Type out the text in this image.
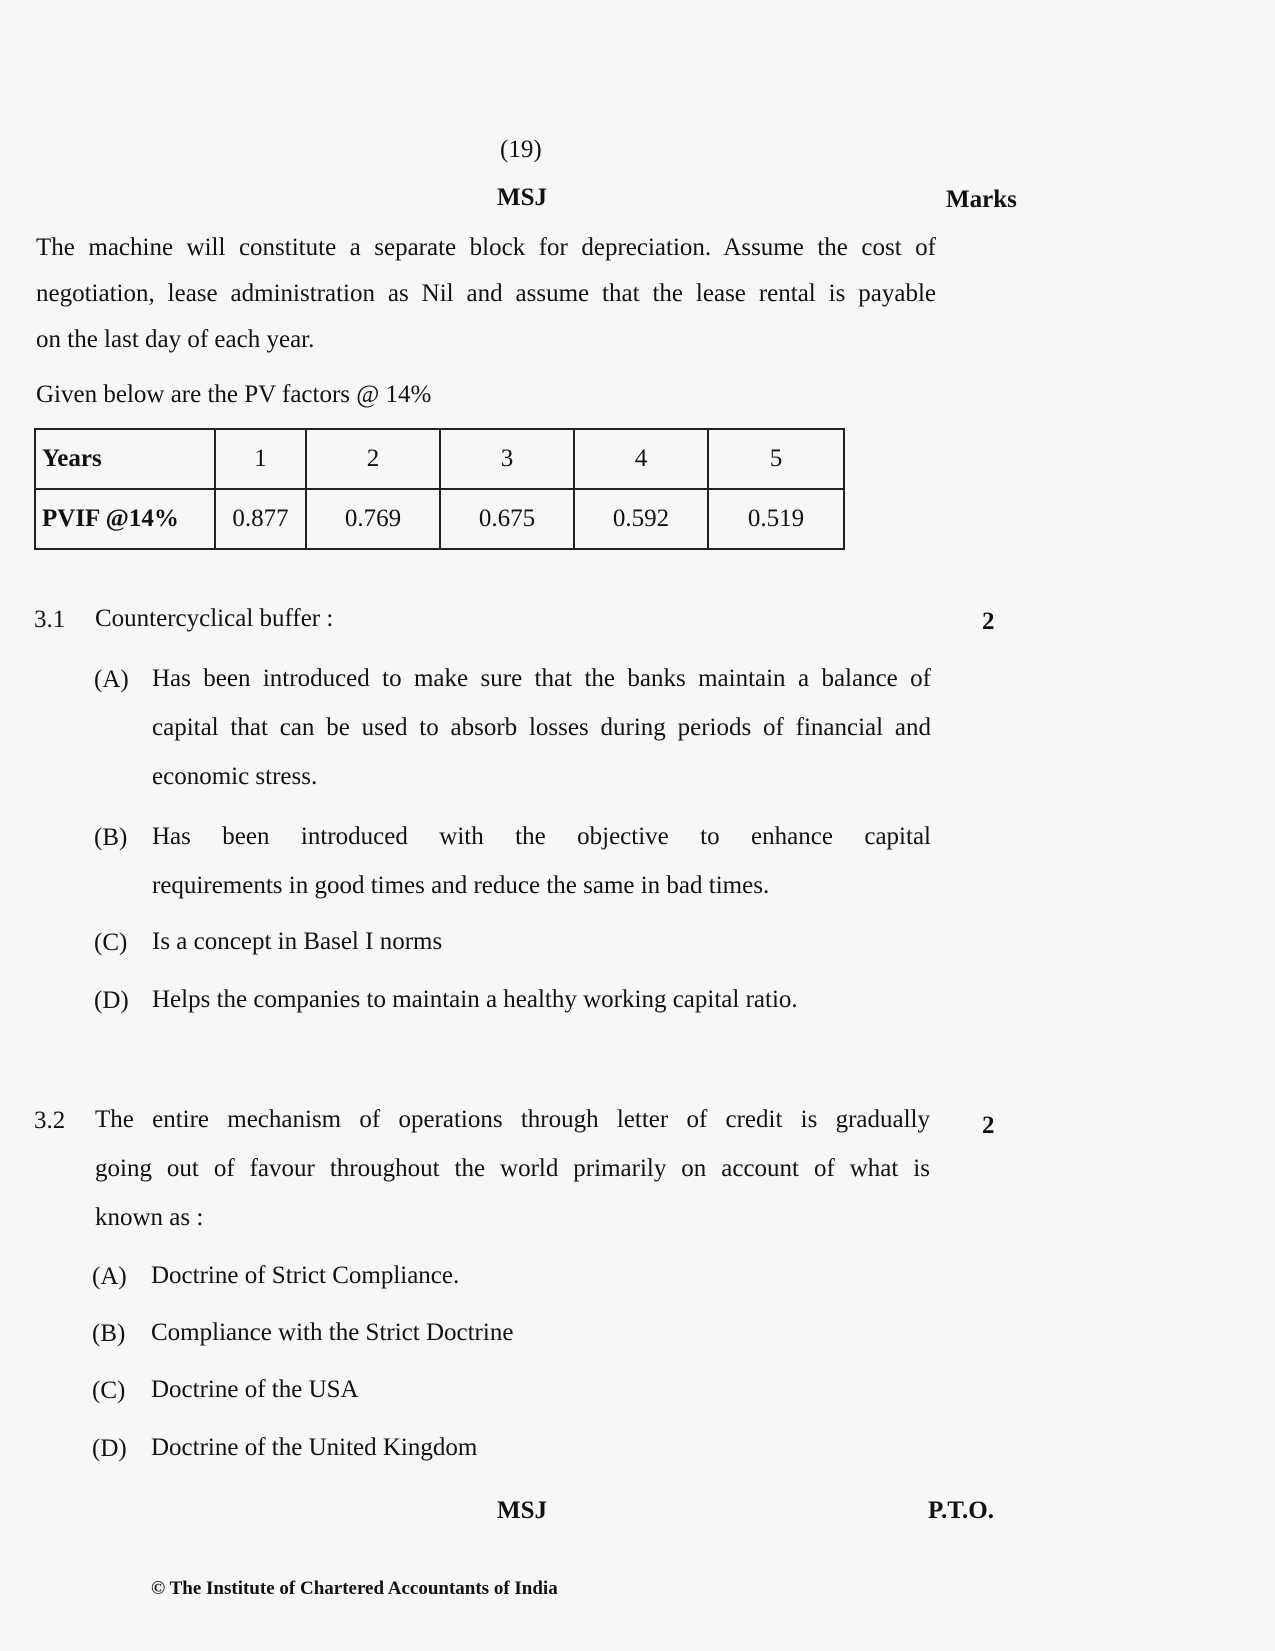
(19)
MSJ	Marks
The machine will constitute a separate block for depreciation. Assume the cost of
negotiation, lease administration as Nil and assume that the lease rental is payable
on the last day of each year.
Given below are the PV factors @ 14%
Years	1	2	3	4	5
PVIF @14%	0.877	0.769	0.675	0.592	0.519
3.1 Countercyclical buffer :	2
(A) Has been introduced to make sure that the banks maintain a balance of
capital that can be used to absorb losses during periods of financial and
economic stress.
(B) Has been introduced with the objective to enhance capital
requirements in good times and reduce the same in bad times.
(C) Is a concept in Basel I norms
(D) Helps the companies to maintain a healthy working capital ratio.
3.2 The entire mechanism of operations through letter of credit is gradually
going out of favour throughout the world primarily on account of what is
known as :
2
(A) Doctrine of Strict Compliance.
(B) Compliance with the Strict Doctrine
(C) Doctrine of the USA
(D) Doctrine of the United Kingdom
MSJ	P.T.O.
© The Institute of Chartered Accountants of India
